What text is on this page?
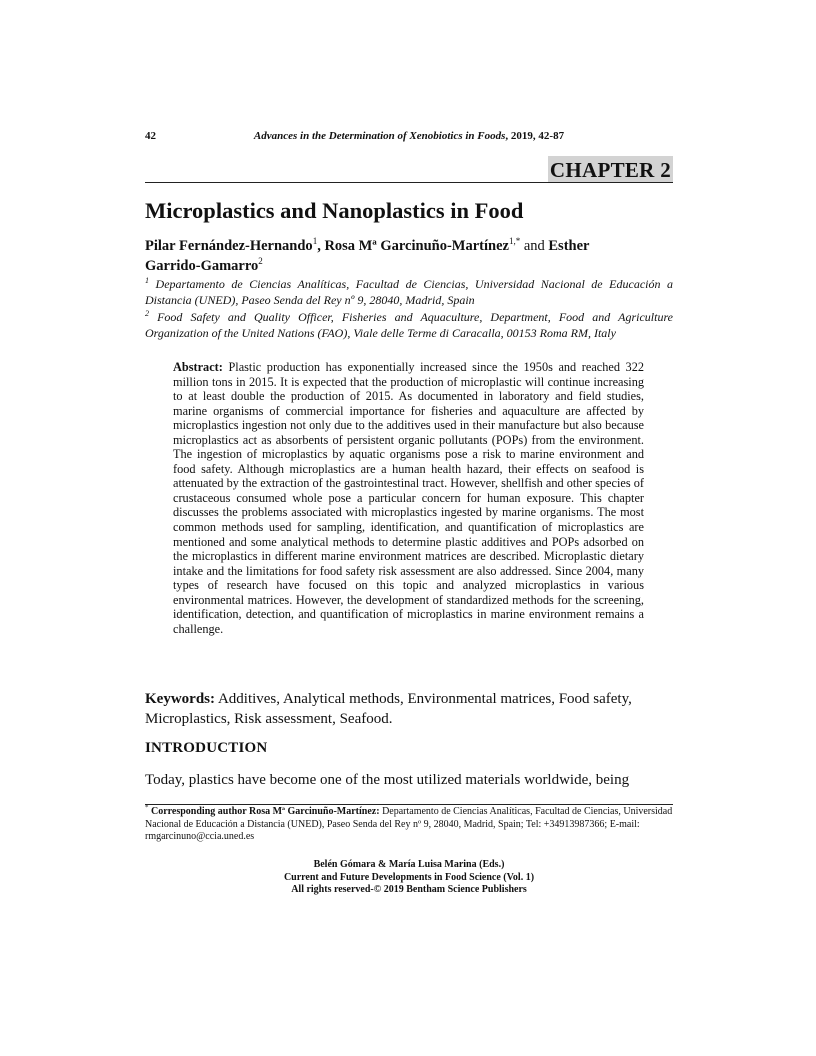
42	Advances in the Determination of Xenobiotics in Foods, 2019, 42-87
CHAPTER 2
Microplastics and Nanoplastics in Food
Pilar Fernández-Hernando$^1$, Rosa Mª Garcinuño-Martínez$^{1,*}$ and Esther
Garrido-Gamarro$^2$
$^1$ Departamento de Ciencias Analíticas, Facultad de Ciencias, Universidad Nacional de Educación a Distancia (UNED), Paseo Senda del Rey nº 9, 28040, Madrid, Spain
$^2$ Food Safety and Quality Officer, Fisheries and Aquaculture, Department, Food and Agriculture Organization of the United Nations (FAO), Viale delle Terme di Caracalla, 00153 Roma RM, Italy
Abstract: Plastic production has exponentially increased since the 1950s and reached 322 million tons in 2015. It is expected that the production of microplastic will continue increasing to at least double the production of 2015. As documented in laboratory and field studies, marine organisms of commercial importance for fisheries and aquaculture are affected by microplastics ingestion not only due to the additives used in their manufacture but also because microplastics act as absorbents of persistent organic pollutants (POPs) from the environment. The ingestion of microplastics by aquatic organisms pose a risk to marine environment and food safety. Although microplastics are a human health hazard, their effects on seafood is attenuated by the extraction of the gastrointestinal tract. However, shellfish and other species of crustaceous consumed whole pose a particular concern for human exposure. This chapter discusses the problems associated with microplastics ingested by marine organisms. The most common methods used for sampling, identification, and quantification of microplastics are mentioned and some analytical methods to determine plastic additives and POPs adsorbed on the microplastics in different marine environment matrices are described. Microplastic dietary intake and the limitations for food safety risk assessment are also addressed. Since 2004, many types of research have focused on this topic and analyzed microplastics in various environmental matrices. However, the development of standardized methods for the screening, identification, detection, and quantification of microplastics in marine environment remains a challenge.
Keywords: Additives, Analytical methods, Environmental matrices, Food safety, Microplastics, Risk assessment, Seafood.
INTRODUCTION
Today, plastics have become one of the most utilized materials worldwide, being
* Corresponding author Rosa Mª Garcinuño-Martínez: Departamento de Ciencias Analíticas, Facultad de Ciencias, Universidad Nacional de Educación a Distancia (UNED), Paseo Senda del Rey nº 9, 28040, Madrid, Spain; Tel: +34913987366; E-mail: rmgarcinuno@ccia.uned.es
Belén Gómara & María Luisa Marina (Eds.)
Current and Future Developments in Food Science (Vol. 1)
All rights reserved-© 2019 Bentham Science Publishers
